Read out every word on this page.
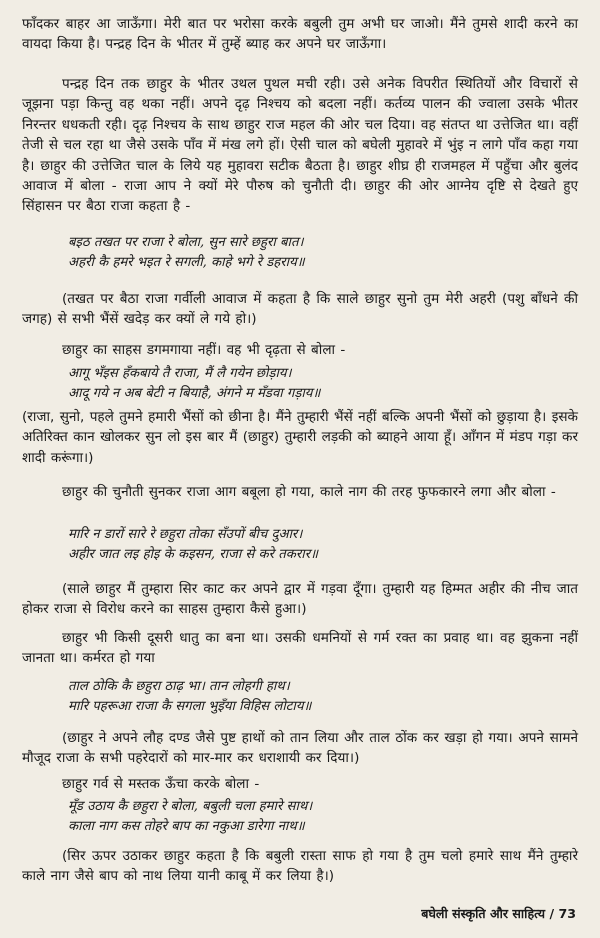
फाँदकर बाहर आ जाऊँगा। मेरी बात पर भरोसा करके बबुली तुम अभी घर जाओ। मैंने तुमसे शादी करने का वायदा किया है। पन्द्रह दिन के भीतर में तुम्हें ब्याह कर अपने घर जाऊँगा।

पन्द्रह दिन तक छाहुर के भीतर उथल पुथल मची रही। उसे अनेक विपरीत स्थितियों और विचारों से जूझना पड़ा किन्तु वह थका नहीं। अपने दृढ़ निश्चय को बदला नहीं। कर्तव्य पालन की ज्वाला उसके भीतर निरन्तर धधकती रही। दृढ़ निश्चय के साथ छाहुर राज महल की ओर चल दिया। वह संतप्त था उत्तेजित था। वहीं तेजी से चल रहा था जैसे उसके पाँव में मंख लगे हों। ऐसी चाल को बघेली मुहावरे में भुंइ न लागे पाँव कहा गया है। छाहुर की उत्तेजित चाल के लिये यह मुहावरा सटीक बैठता है। छाहुर शीघ्र ही राजमहल में पहुँचा और बुलंद आवाज में बोला - राजा आप ने क्यों मेरे पौरुष को चुनौती दी। छाहुर की ओर आग्नेय दृष्टि से देखते हुए सिंहासन पर बैठा राजा कहता है -

बइठ तखत पर राजा रे बोला, सुन सारे छहुरा बात।

अहरी कै हमरे भइत रे सगली, काहे भगे रे डहराय॥

(तखत पर बैठा राजा गर्वीली आवाज में कहता है कि साले छाहुर सुनो तुम मेरी अहरी (पशु बाँधने की जगह) से सभी भैंसें खदेड़ कर क्यों ले गये हो।)

छाहुर का साहस डगमगाया नहीं। वह भी दृढ़ता से बोला -

आगू भँइस हँकबाये तै राजा, मैं लै गयेन छोड़ाय।

आदू गये न अब बेटी न बियाहै, अंगने म मँडवा गड़ाय॥

(राजा, सुनो, पहले तुमने हमारी भैंसों को छीना है। मैंने तुम्हारी भैंसें नहीं बल्कि अपनी भैंसों को छुड़ाया है। इसके अतिरिक्त कान खोलकर सुन लो इस बार मैं (छाहुर) तुम्हारी लड़की को ब्याहने आया हूँ। आँगन में मंडप गड़ा कर शादी करूंगा।)

छाहुर की चुनौती सुनकर राजा आग बबूला हो गया, काले नाग की तरह फुफकारने लगा और बोला -

मारि न डारों सारे रे छहुरा तोका सँउपों बीच दुआर।

अहीर जात लइ होइ के कइसन, राजा से करे तकरार॥

(साले छाहुर मैं तुम्हारा सिर काट कर अपने द्वार में गड़वा दूँगा। तुम्हारी यह हिम्मत अहीर की नीच जात होकर राजा से विरोध करने का साहस तुम्हारा कैसे हुआ।)

छाहुर भी किसी दूसरी धातु का बना था। उसकी धमनियों से गर्म रक्त का प्रवाह था। वह झुकना नहीं जानता था। कर्मरत हो गया

ताल ठोकि कै छहुरा ठाढ़ भा। तान लोहगी हाथ।

मारि पहरूआ राजा कै सगला भुइँया विहिस लोटाय॥

(छाहुर ने अपने लौह दण्ड जैसे पुष्ट हाथों को तान लिया और ताल ठोंक कर खड़ा हो गया। अपने सामने मौजूद राजा के सभी पहरेदारों को मार-मार कर धराशायी कर दिया।)

छाहुर गर्व से मस्तक ऊँचा करके बोला -

मूँड उठाय कै छहुरा रे बोला, बबुली चला हमारे साथ।

काला नाग कस तोहरे बाप का नकुआ डारेगा नाथ॥

(सिर ऊपर उठाकर छाहुर कहता है कि बबुली रास्ता साफ हो गया है तुम चलो हमारे साथ मैंने तुम्हारे काले नाग जैसे बाप को नाथ लिया यानी काबू में कर लिया है।)

बघेली संस्कृति और साहित्य / 73
